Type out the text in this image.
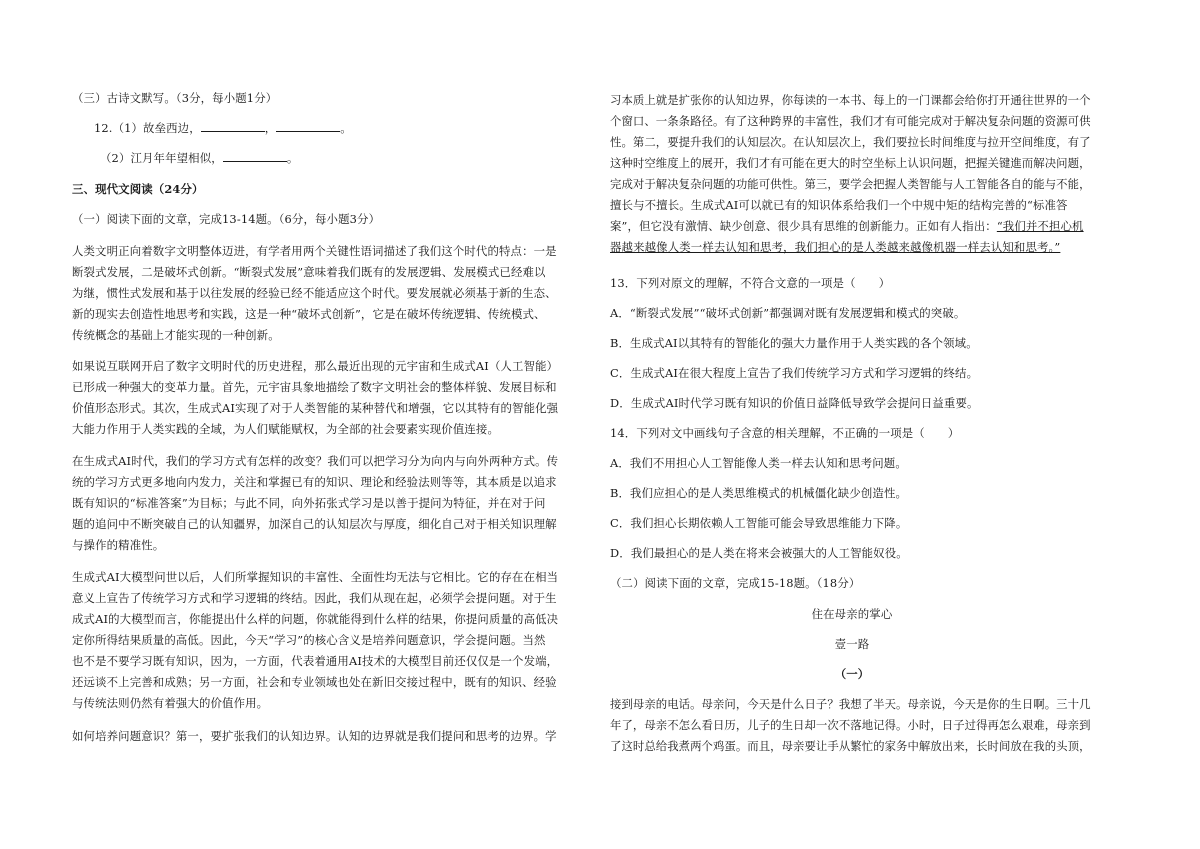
（三）古诗文默写。（3分，每小题1分）
12.（1）故垒西边，	，	。
（2）江月年年望相似，	。
三、现代文阅读（24分）
（一）阅读下面的文章，完成13-14题。（6分，每小题3分）
人类文明正向着数字文明整体迈进，有学者用两个关键性语词描述了我们这个时代的特点：一是
断裂式发展，二是破坏式创新。“断裂式发展”意味着我们既有的发展逻辑、发展模式已经难以
为继，惯性式发展和基于以往发展的经验已经不能适应这个时代。要发展就必须基于新的生态、
新的现实去创造性地思考和实践，这是一种“破坏式创新”，它是在破坏传统逻辑、传统模式、
传统概念的基础上才能实现的一种创新。
如果说互联网开启了数字文明时代的历史进程，那么最近出现的元宇宙和生成式AI（人工智能）
已形成一种强大的变革力量。首先，元宇宙具象地描绘了数字文明社会的整体样貌、发展目标和
价值形态形式。其次，生成式AI实现了对于人类智能的某种替代和增强，它以其特有的智能化强
大能力作用于人类实践的全域，为人们赋能赋权，为全部的社会要素实现价值连接。
在生成式AI时代，我们的学习方式有怎样的改变？我们可以把学习分为向内与向外两种方式。传
统的学习方式更多地向内发力，关注和掌握已有的知识、理论和经验法则等等，其本质是以追求
既有知识的“标准答案”为目标；与此不同，向外拓张式学习是以善于提问为特征，并在对于问
题的追问中不断突破自己的认知疆界，加深自己的认知层次与厚度，细化自己对于相关知识理解
与操作的精准性。
生成式AI大模型问世以后，人们所掌握知识的丰富性、全面性均无法与它相比。它的存在在相当
意义上宣告了传统学习方式和学习逻辑的终结。因此，我们从现在起，必须学会提问题。对于生
成式AI的大模型而言，你能提出什么样的问题，你就能得到什么样的结果，你提问质量的高低决
定你所得结果质量的高低。因此，今天“学习”的核心含义是培养问题意识，学会提问题。当然
也不是不要学习既有知识，因为，一方面，代表着通用AI技术的大模型目前还仅仅是一个发端，
还远谈不上完善和成熟；另一方面，社会和专业领域也处在新旧交接过程中，既有的知识、经验
与传统法则仍然有着强大的价值作用。
如何培养问题意识？第一，要扩张我们的认知边界。认知的边界就是我们提问和思考的边界。学
习本质上就是扩张你的认知边界，你每读的一本书、每上的一门课都会给你打开通往世界的一个
个窗口、一条条路径。有了这种跨界的丰富性，我们才有可能完成对于解决复杂问题的资源可供
性。第二，要提升我们的认知层次。在认知层次上，我们要拉长时间维度与拉开空间维度，有了
这种时空维度上的展开，我们才有可能在更大的时空坐标上认识问题，把握关键進而解决问题，
完成对于解决复杂问题的功能可供性。第三，要学会把握人类智能与人工智能各自的能与不能，
擅长与不擅长。生成式AI可以就已有的知识体系给我们一个中规中矩的结构完善的“标准答
案”，但它没有激情、缺少创意、很少具有思维的创新能力。正如有人指出：“我们并不担心机
器越来越像人类一样去认知和思考，我们担心的是人类越来越像机器一样去认知和思考。”
13．下列对原文的理解，不符合文意的一项是（　　）
A．“断裂式发展”“破坏式创新”都强调对既有发展逻辑和模式的突破。
B．生成式AI以其特有的智能化的强大力量作用于人类实践的各个领域。
C．生成式AI在很大程度上宣告了我们传统学习方式和学习逻辑的终结。
D．生成式AI时代学习既有知识的价值日益降低导致学会提问日益重要。
14．下列对文中画线句子含意的相关理解，不正确的一项是（　　）
A．我们不用担心人工智能像人类一样去认知和思考问题。
B．我们应担心的是人类思维模式的机械僵化缺少创造性。
C．我们担心长期依赖人工智能可能会导致思维能力下降。
D．我们最担心的是人类在将来会被强大的人工智能奴役。
（二）阅读下面的文章，完成15-18题。（18分）
住在母亲的掌心
壹一路
（一）
接到母亲的电话。母亲问，今天是什么日子？我想了半天。母亲说，今天是你的生日啊。三十几
年了，母亲不怎么看日历，儿子的生日却一次不落地记得。小时，日子过得再怎么艰难，母亲到
了这时总给我煮两个鸡蛋。而且，母亲要让手从繁忙的家务中解放出来，长时间放在我的头顶，
